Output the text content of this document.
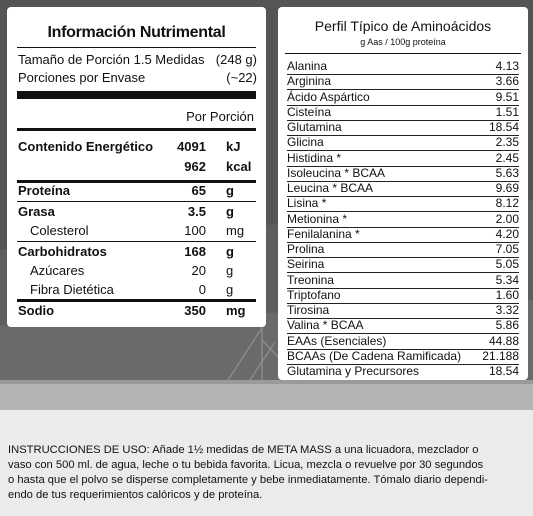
Información Nutrimental
Tamaño de Porción 1.5 Medidas (248 g)
Porciones por Envase	(~22)
Por Porción
Contenido Energético 4091 kJ
962 kcal
Proteína	65 g
Grasa	3.5 g
Colesterol	100 mg
Carbohidratos	168 g
Azúcares	20 g
Fibra Dietética	0 g
Sodio	350 mg
Perfil Típico de Aminoácidos
g Aas / 100g proteína
Alanina	4.13
Arginina	3.66
Ácido Aspártico	9.51
Cisteína	1.51
Glutamina	18.54
Glicina	2.35
Histidina *	2.45
Isoleucina * BCAA	5.63
Leucina * BCAA	9.69
Lisina *	8.12
Metionina *	2.00
Fenilalanina *	4.20
Prolina	7.05
Seirina	5.05
Treonina	5.34
Triptofano	1.60
Tirosina	3.32
Valina * BCAA	5.86
EAAs (Esenciales)	44.88
BCAAs (De Cadena Ramificada) 21.188
Glutamina y Precursores	18.54
INSTRUCCIONES DE USO: Añade 1½ medidas de META MASS a una licuadora, mezclador o
vaso con 500 ml. de agua, leche o tu bebida favorita. Licua, mezcla o revuelve por 30 segundos
o hasta que el polvo se disperse completamente y bebe inmediatamente. Tómalo diario dependi-
endo de tus requerimientos calóricos y de proteína.
